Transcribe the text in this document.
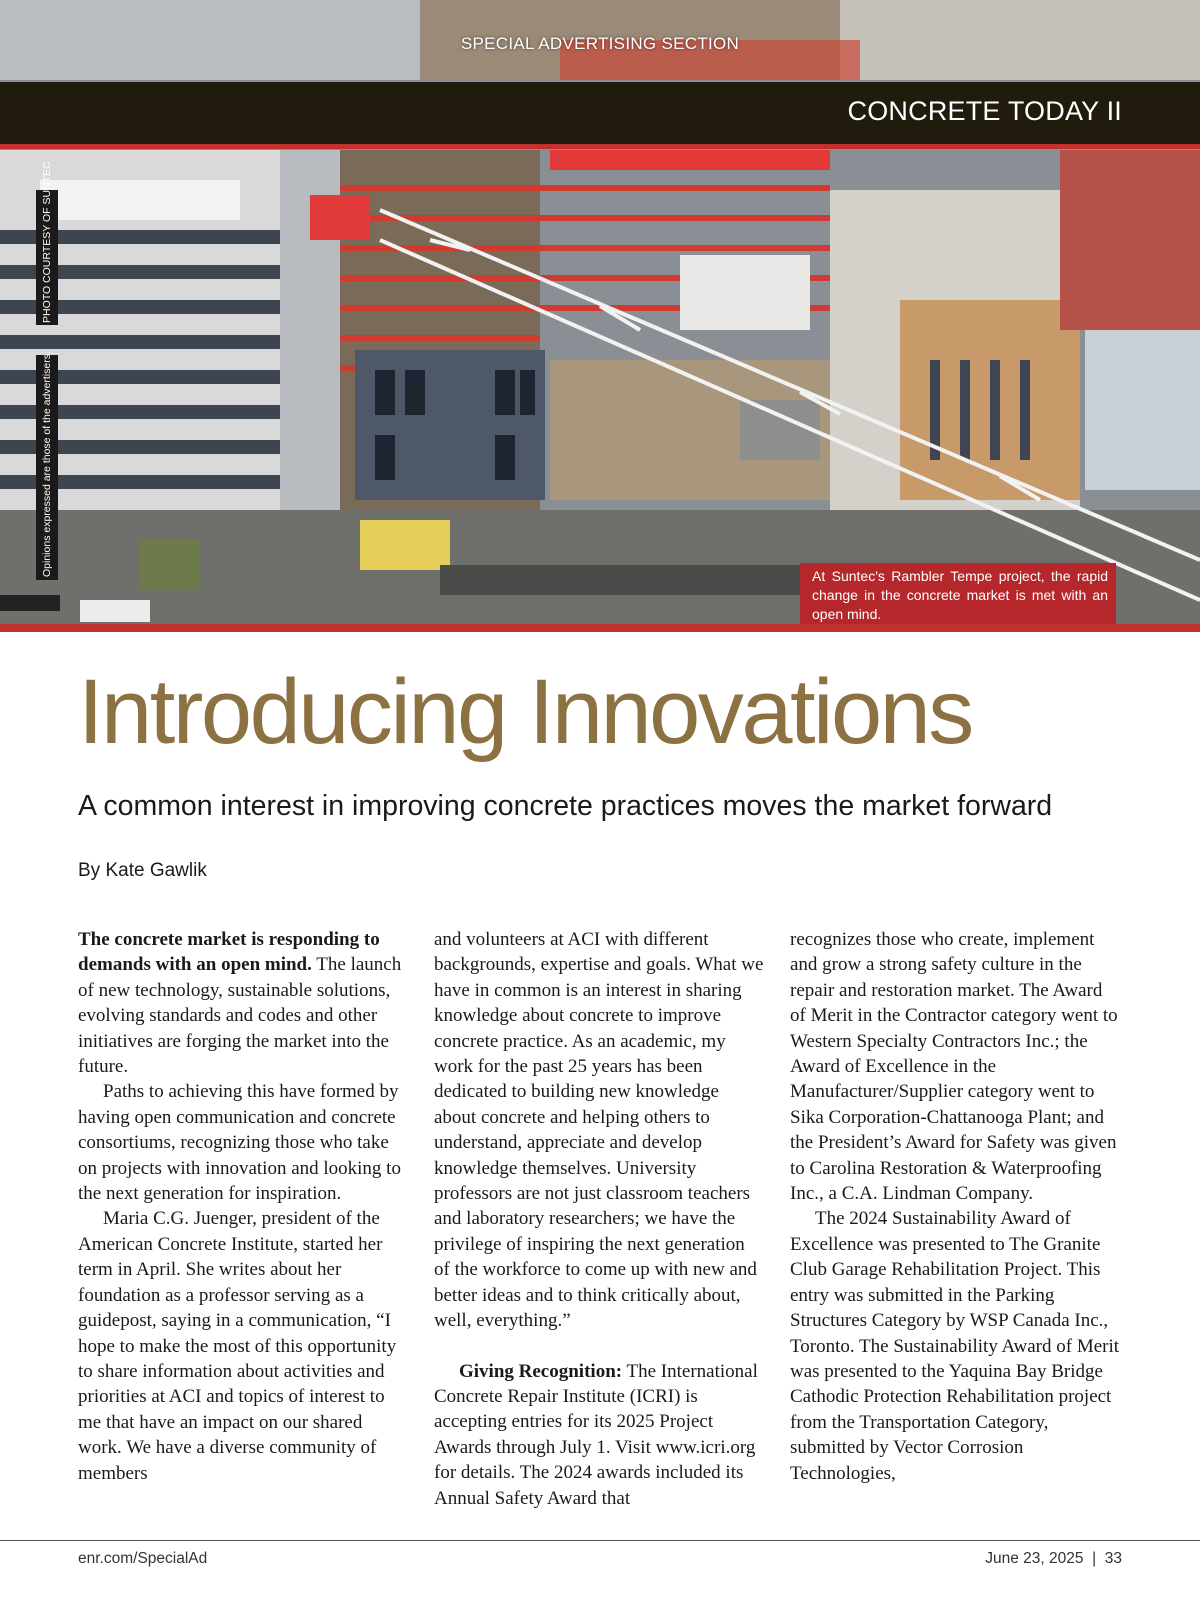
SPECIAL ADVERTISING SECTION
CONCRETE TODAY II
PHOTO COURTESY OF SUNTEC
Opinions expressed are those of the advertisers.	At Suntec's Rambler Tempe project, the rapid change in the concrete market is met with an open mind.
Introducing Innovations
A common interest in improving concrete practices moves the market forward
By Kate Gawlik

The concrete market is responding to demands with an open mind. The launch of new technology, sustainable solutions, evolving standards and codes and other initiatives are forging the market into the future.

Paths to achieving this have formed by having open communication and concrete consortiums, recognizing those who take on projects with innovation and looking to the next generation for inspiration.

Maria C.G. Juenger, president of the American Concrete Institute, started her term in April. She writes about her foundation as a professor serving as a guidepost, saying in a communication, “I hope to make the most of this opportunity to share information about activities and priorities at ACI and topics of interest to me that have an impact on our shared work. We have a diverse community of members

and volunteers at ACI with different backgrounds, expertise and goals. What we have in common is an interest in sharing knowledge about concrete to improve concrete practice. As an academic, my work for the past 25 years has been dedicated to building new knowledge about concrete and helping others to understand, appreciate and develop knowledge themselves. University professors are not just classroom teachers and laboratory researchers; we have the privilege of inspiring the next generation of the workforce to come up with new and better ideas and to think critically about, well, everything.”

Giving Recognition: The International Concrete Repair Institute (ICRI) is accepting entries for its 2025 Project Awards through July 1. Visit www.icri.org for details. The 2024 awards included its Annual Safety Award that

recognizes those who create, implement and grow a strong safety culture in the repair and restoration market. The Award of Merit in the Contractor category went to Western Specialty Contractors Inc.; the Award of Excellence in the Manufacturer/Supplier category went to Sika Corporation-Chattanooga Plant; and the President’s Award for Safety was given to Carolina Restoration & Waterproofing Inc., a C.A. Lindman Company.

The 2024 Sustainability Award of Excellence was presented to The Granite Club Garage Rehabilitation Project. This entry was submitted in the Parking Structures Category by WSP Canada Inc., Toronto. The Sustainability Award of Merit was presented to the Yaquina Bay Bridge Cathodic Protection Rehabilitation project from the Transportation Category, submitted by Vector Corrosion Technologies,

enr.com/SpecialAd	June 23, 2025  |  33
